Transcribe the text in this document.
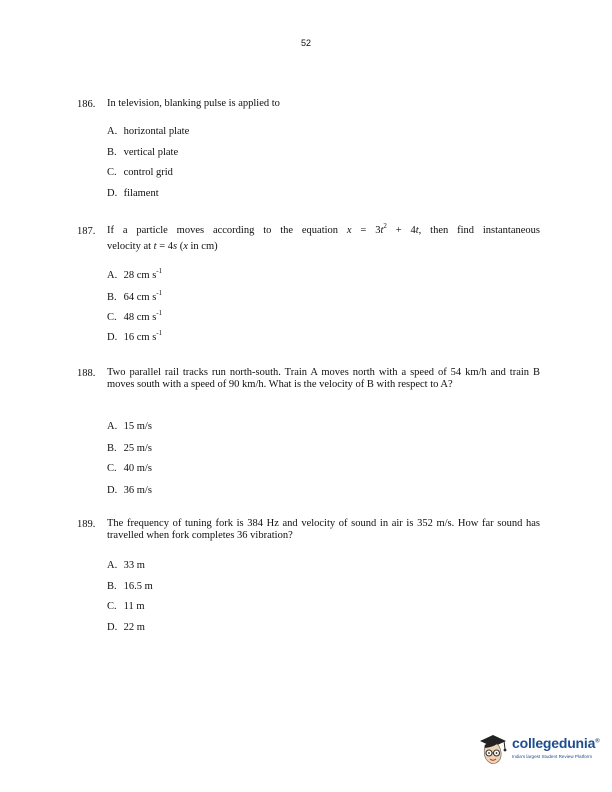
52
186. In television, blanking pulse is applied to
A. horizontal plate
B. vertical plate
C. control grid
D. filament
187. If a particle moves according to the equation $x = 3t^2 + 4t$, then find instantaneous
velocity at t = 4s (x in cm)
A. 28 cm $s^{-1}$
B. 64 cm $s^{-1}$
C. 48 cm $s^{-1}$
D. 16 cm $s^{-1}$
188. Two parallel rail tracks run north-south. Train A moves north with a speed of 54 km/h and train B moves south with a speed of 90 km/h. What is the velocity of B with respect to A?
A. 15 m/s
B. 25 m/s
C. 40 m/s
D. 36 m/s
189. The frequency of tuning fork is 384 Hz and velocity of sound in air is 352 m/s. How far sound has travelled when fork completes 36 vibration?
A. 33 m
B. 16.5 m
C. 11 m
D. 22 m
collegedunia®
India's largest Student Review Platform
